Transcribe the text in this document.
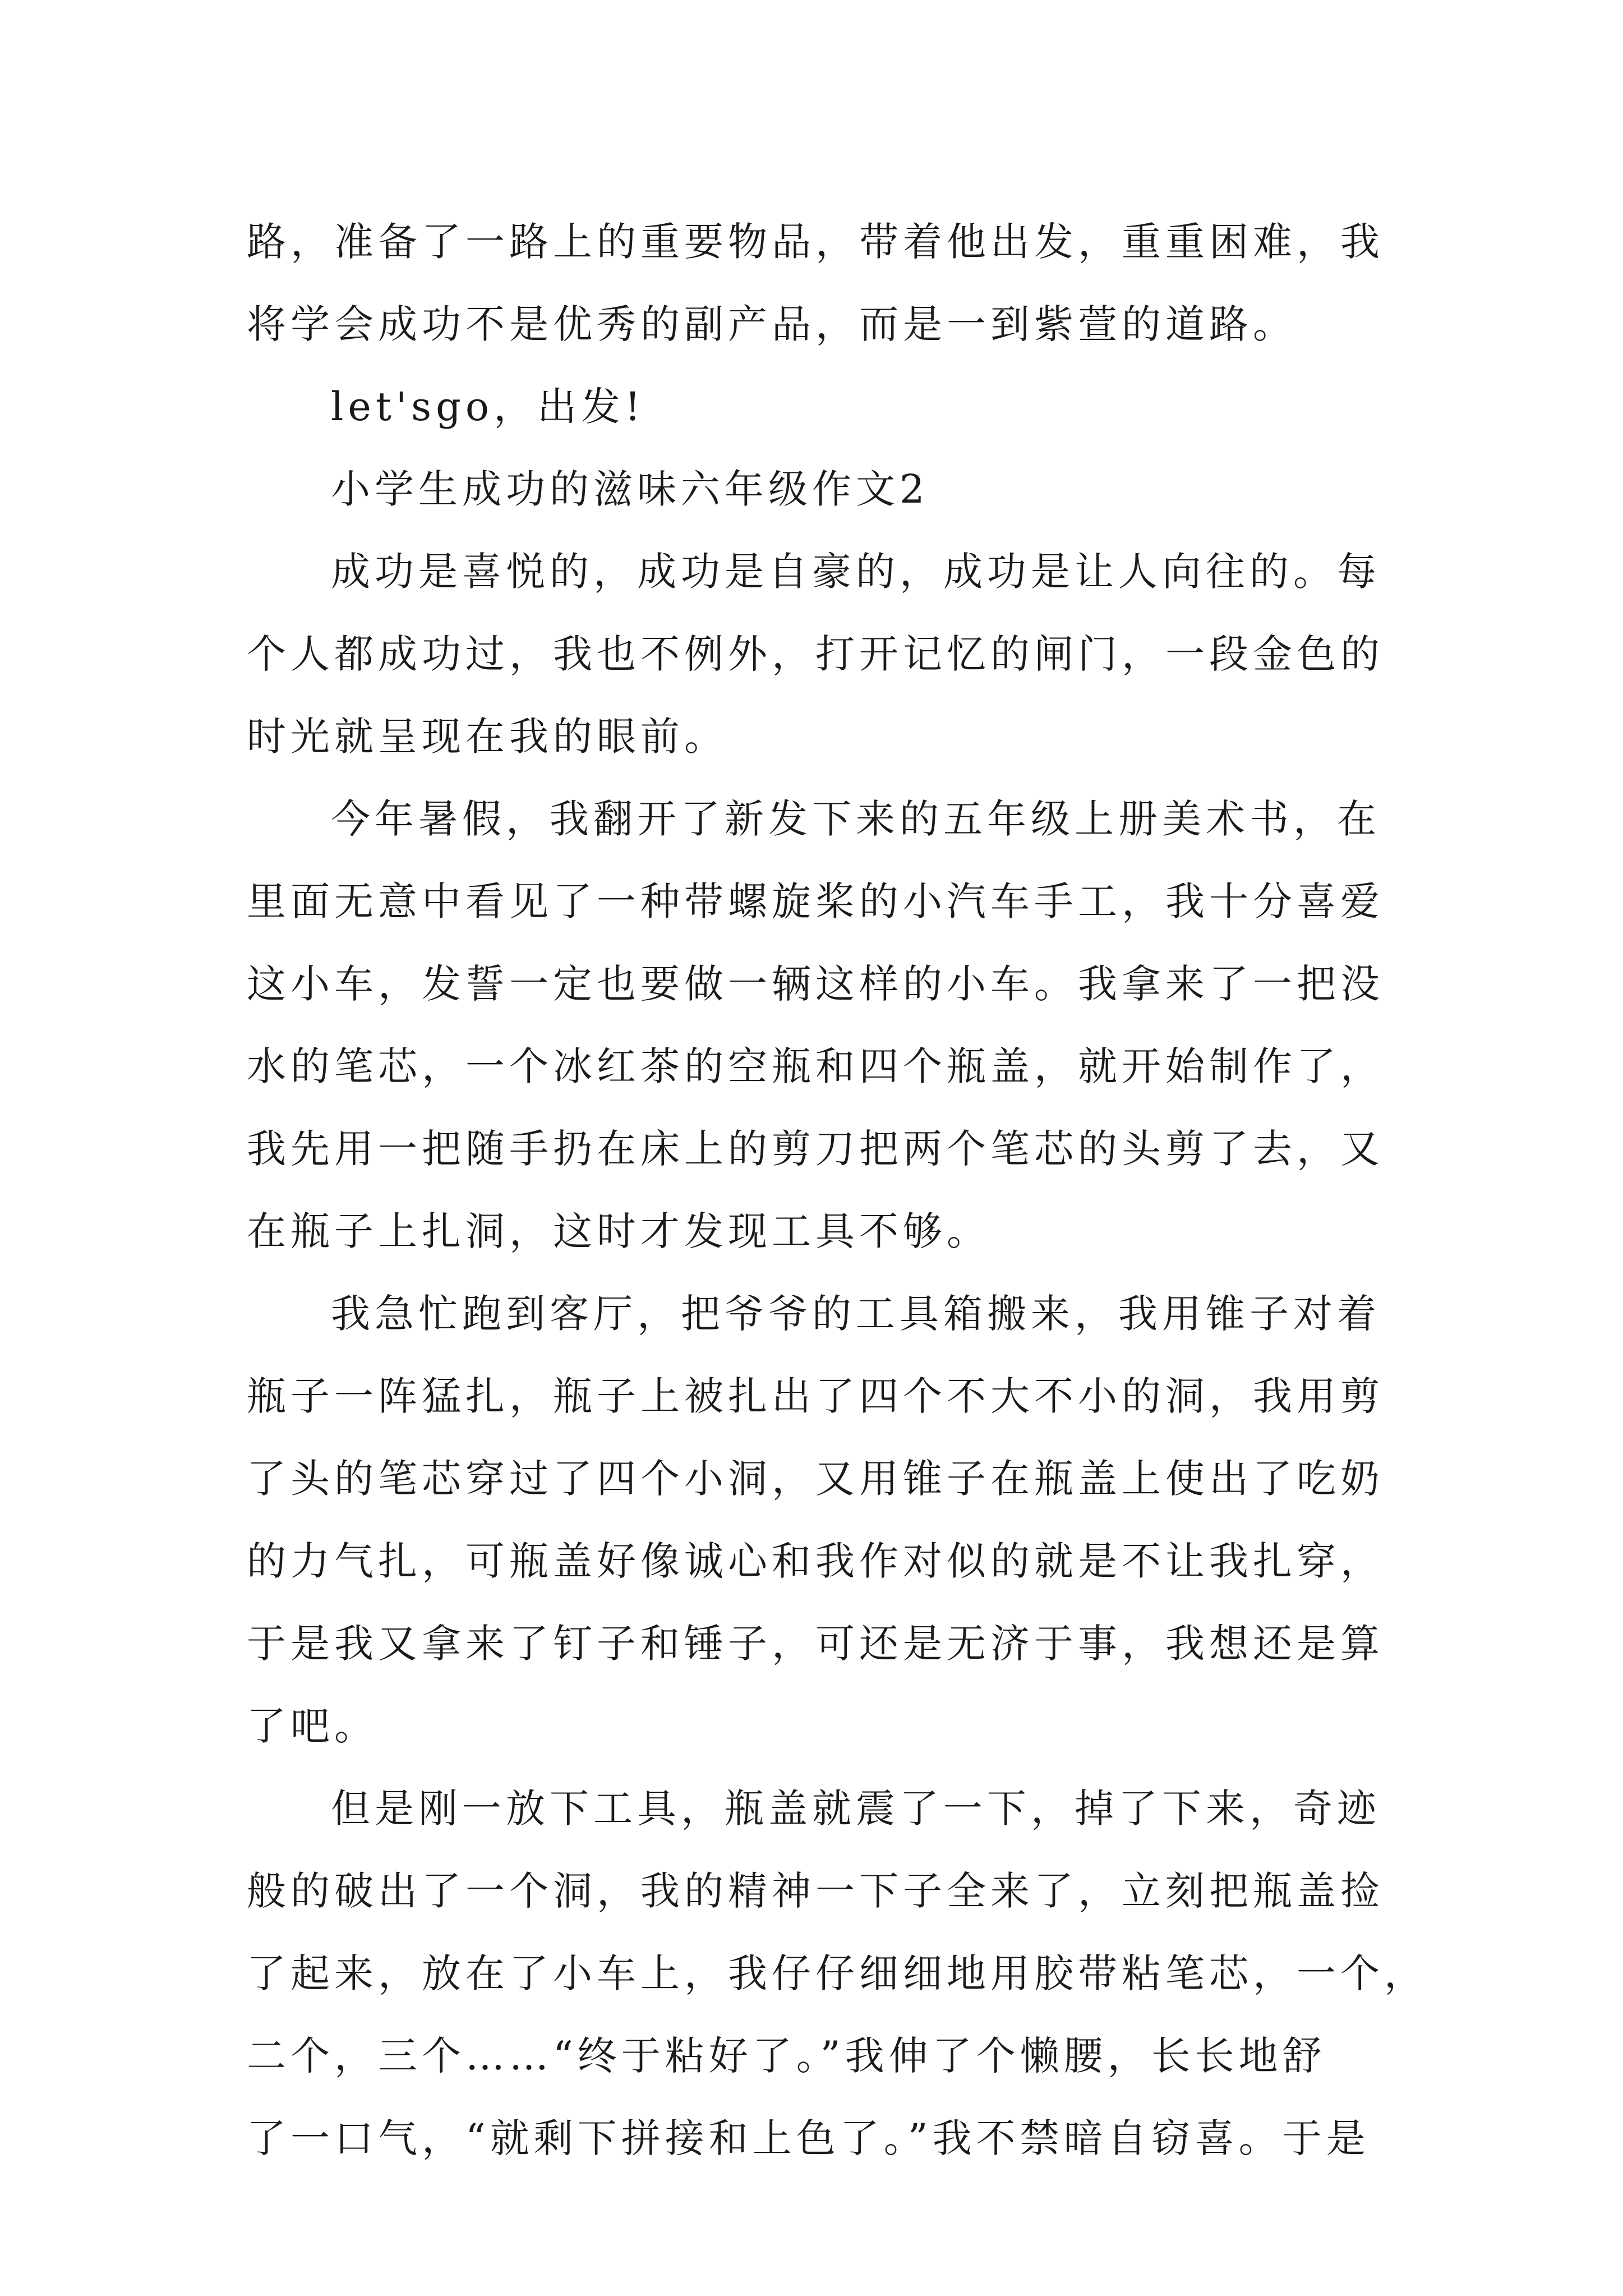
路，准备了一路上的重要物品，带着他出发，重重困难，我
将学会成功不是优秀的副产品，而是一到紫萱的道路。
let'sgo，出发!
小学生成功的滋味六年级作文2
成功是喜悦的，成功是自豪的，成功是让人向往的。每
个人都成功过，我也不例外，打开记忆的闸门，一段金色的
时光就呈现在我的眼前。
今年暑假，我翻开了新发下来的五年级上册美术书，在
里面无意中看见了一种带螺旋桨的小汽车手工，我十分喜爱
这小车，发誓一定也要做一辆这样的小车。我拿来了一把没
水的笔芯，一个冰红茶的空瓶和四个瓶盖，就开始制作了，
我先用一把随手扔在床上的剪刀把两个笔芯的头剪了去，又
在瓶子上扎洞，这时才发现工具不够。
我急忙跑到客厅，把爷爷的工具箱搬来，我用锥子对着
瓶子一阵猛扎，瓶子上被扎出了四个不大不小的洞，我用剪
了头的笔芯穿过了四个小洞，又用锥子在瓶盖上使出了吃奶
的力气扎，可瓶盖好像诚心和我作对似的就是不让我扎穿，
于是我又拿来了钉子和锤子，可还是无济于事，我想还是算
了吧。
但是刚一放下工具，瓶盖就震了一下，掉了下来，奇迹
般的破出了一个洞，我的精神一下子全来了，立刻把瓶盖捡
了起来，放在了小车上，我仔仔细细地用胶带粘笔芯，一个，
二个，三个……“终于粘好了。”我伸了个懒腰，长长地舒
了一口气，“就剩下拼接和上色了。”我不禁暗自窃喜。于是
